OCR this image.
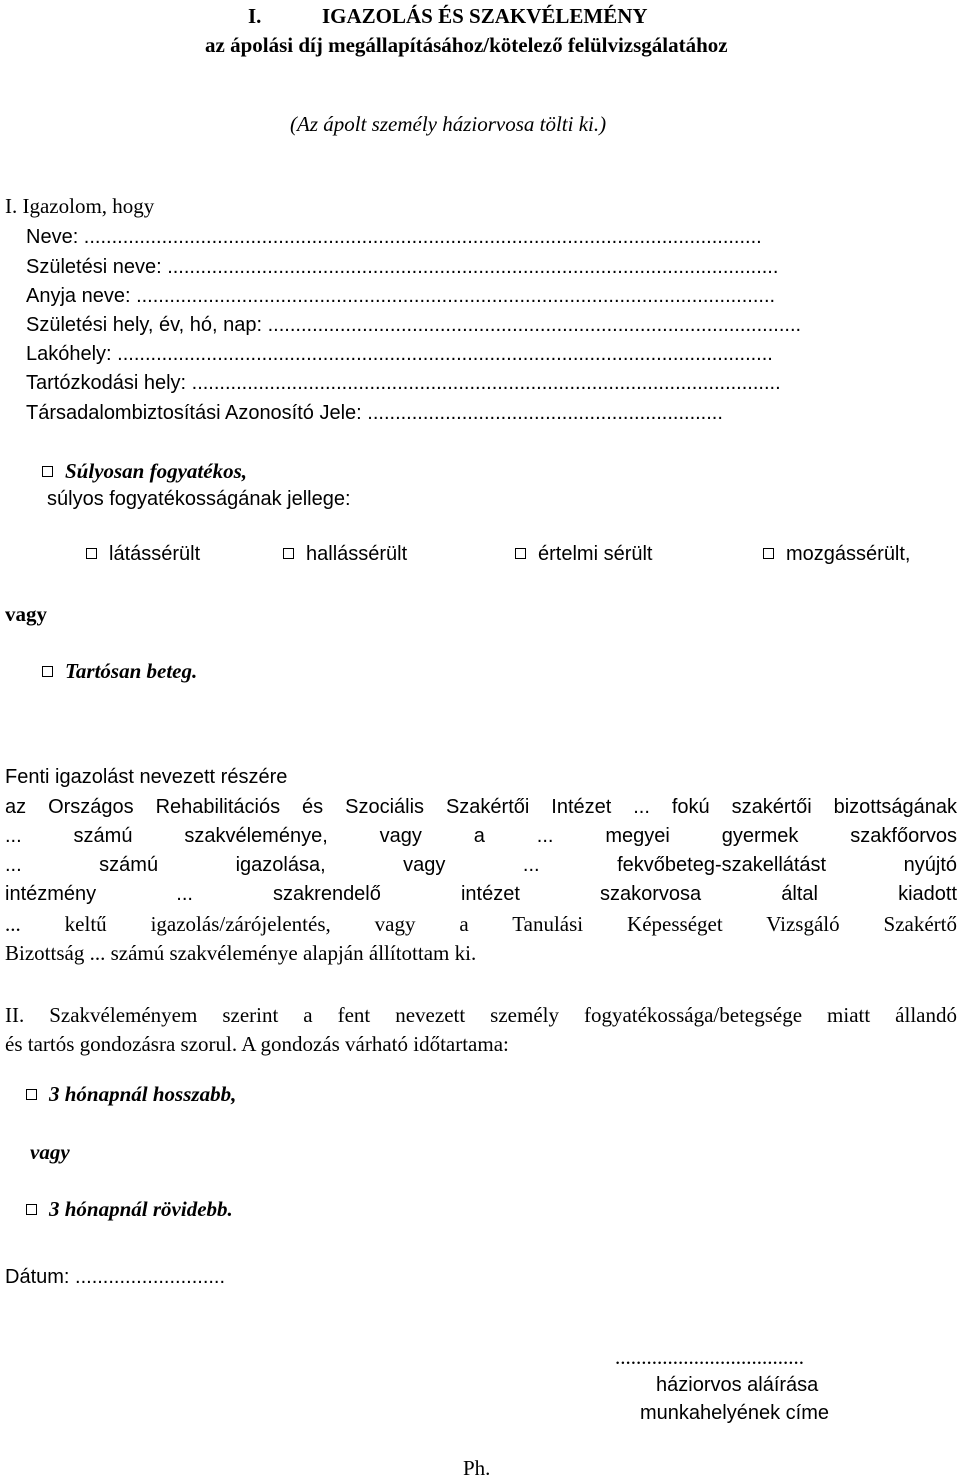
I.	IGAZOLÁS ÉS SZAKVÉLEMÉNY
az ápolási díj megállapításához/kötelező felülvizsgálatához
(Az ápolt személy háziorvosa tölti ki.)
I. Igazolom, hogy
Neve: ..........................................................................................................................
Születési neve: ..............................................................................................................
Anyja neve: ...................................................................................................................
Születési hely, év, hó, nap: ................................................................................................
Lakóhely: ......................................................................................................................
Tartózkodási hely: ..........................................................................................................
Társadalombiztosítási Azonosító Jele: ................................................................
Súlyosan fogyatékos,
súlyos fogyatékosságának jellege:
látássérült	hallássérült	értelmi sérült	mozgássérült,
vagy
Tartósan beteg.
Fenti igazolást nevezett részére
az Országos Rehabilitációs és Szociális Szakértői Intézet ... fokú szakértői bizottságának
... számú szakvéleménye, vagy a ... megyei gyermek szakfőorvos
... számú igazolása, vagy ... fekvőbeteg-szakellátást nyújtó
intézmény ... szakrendelő intézet szakorvosa által kiadott
... keltű igazolás/zárójelentés, vagy a Tanulási Képességet Vizsgáló Szakértő
Bizottság ... számú szakvéleménye alapján állítottam ki.
II. Szakvéleményem szerint a fent nevezett személy fogyatékossága/betegsége miatt állandó
és tartós gondozásra szorul. A gondozás várható időtartama:
3 hónapnál hosszabb,
vagy
3 hónapnál rövidebb.
Dátum: ...........................
....................................
háziorvos aláírása
munkahelyének címe
Ph.
